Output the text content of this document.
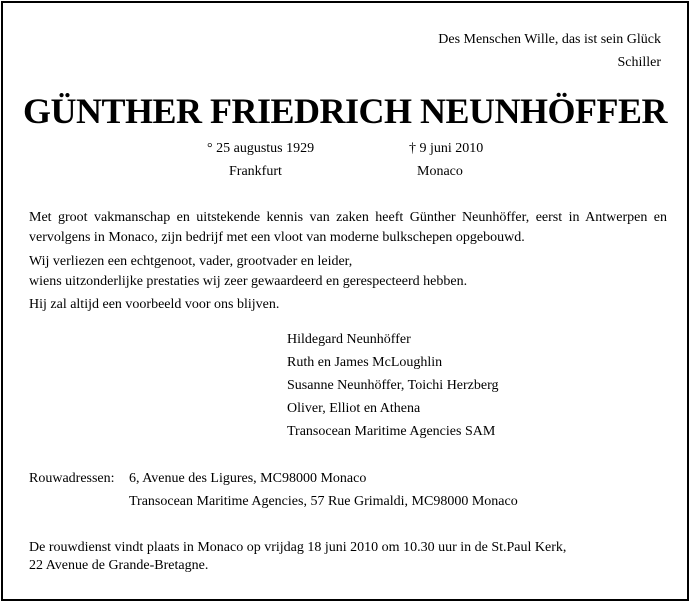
Des Menschen Wille, das ist sein Glück
Schiller
GÜNTHER FRIEDRICH NEUNHÖFFER
° 25 augustus 1929
Frankfurt
† 9 juni 2010
Monaco
Met groot vakmanschap en uitstekende kennis van zaken heeft Günther Neunhöffer, eerst in Antwerpen en
vervolgens in Monaco, zijn bedrijf met een vloot van moderne bulkschepen opgebouwd.
Wij verliezen een echtgenoot, vader, grootvader en leider,
wiens uitzonderlijke prestaties wij zeer gewaardeerd en gerespecteerd hebben.
Hij zal altijd een voorbeeld voor ons blijven.
Hildegard Neunhöffer
Ruth en James McLoughlin
Susanne Neunhöffer, Toichi Herzberg
Oliver, Elliot en Athena
Transocean Maritime Agencies SAM
Rouwadressen: 6, Avenue des Ligures, MC98000 Monaco
Transocean Maritime Agencies, 57 Rue Grimaldi, MC98000 Monaco
De rouwdienst vindt plaats in Monaco op vrijdag 18 juni 2010 om 10.30 uur in de St.Paul Kerk,
22 Avenue de Grande-Bretagne.
